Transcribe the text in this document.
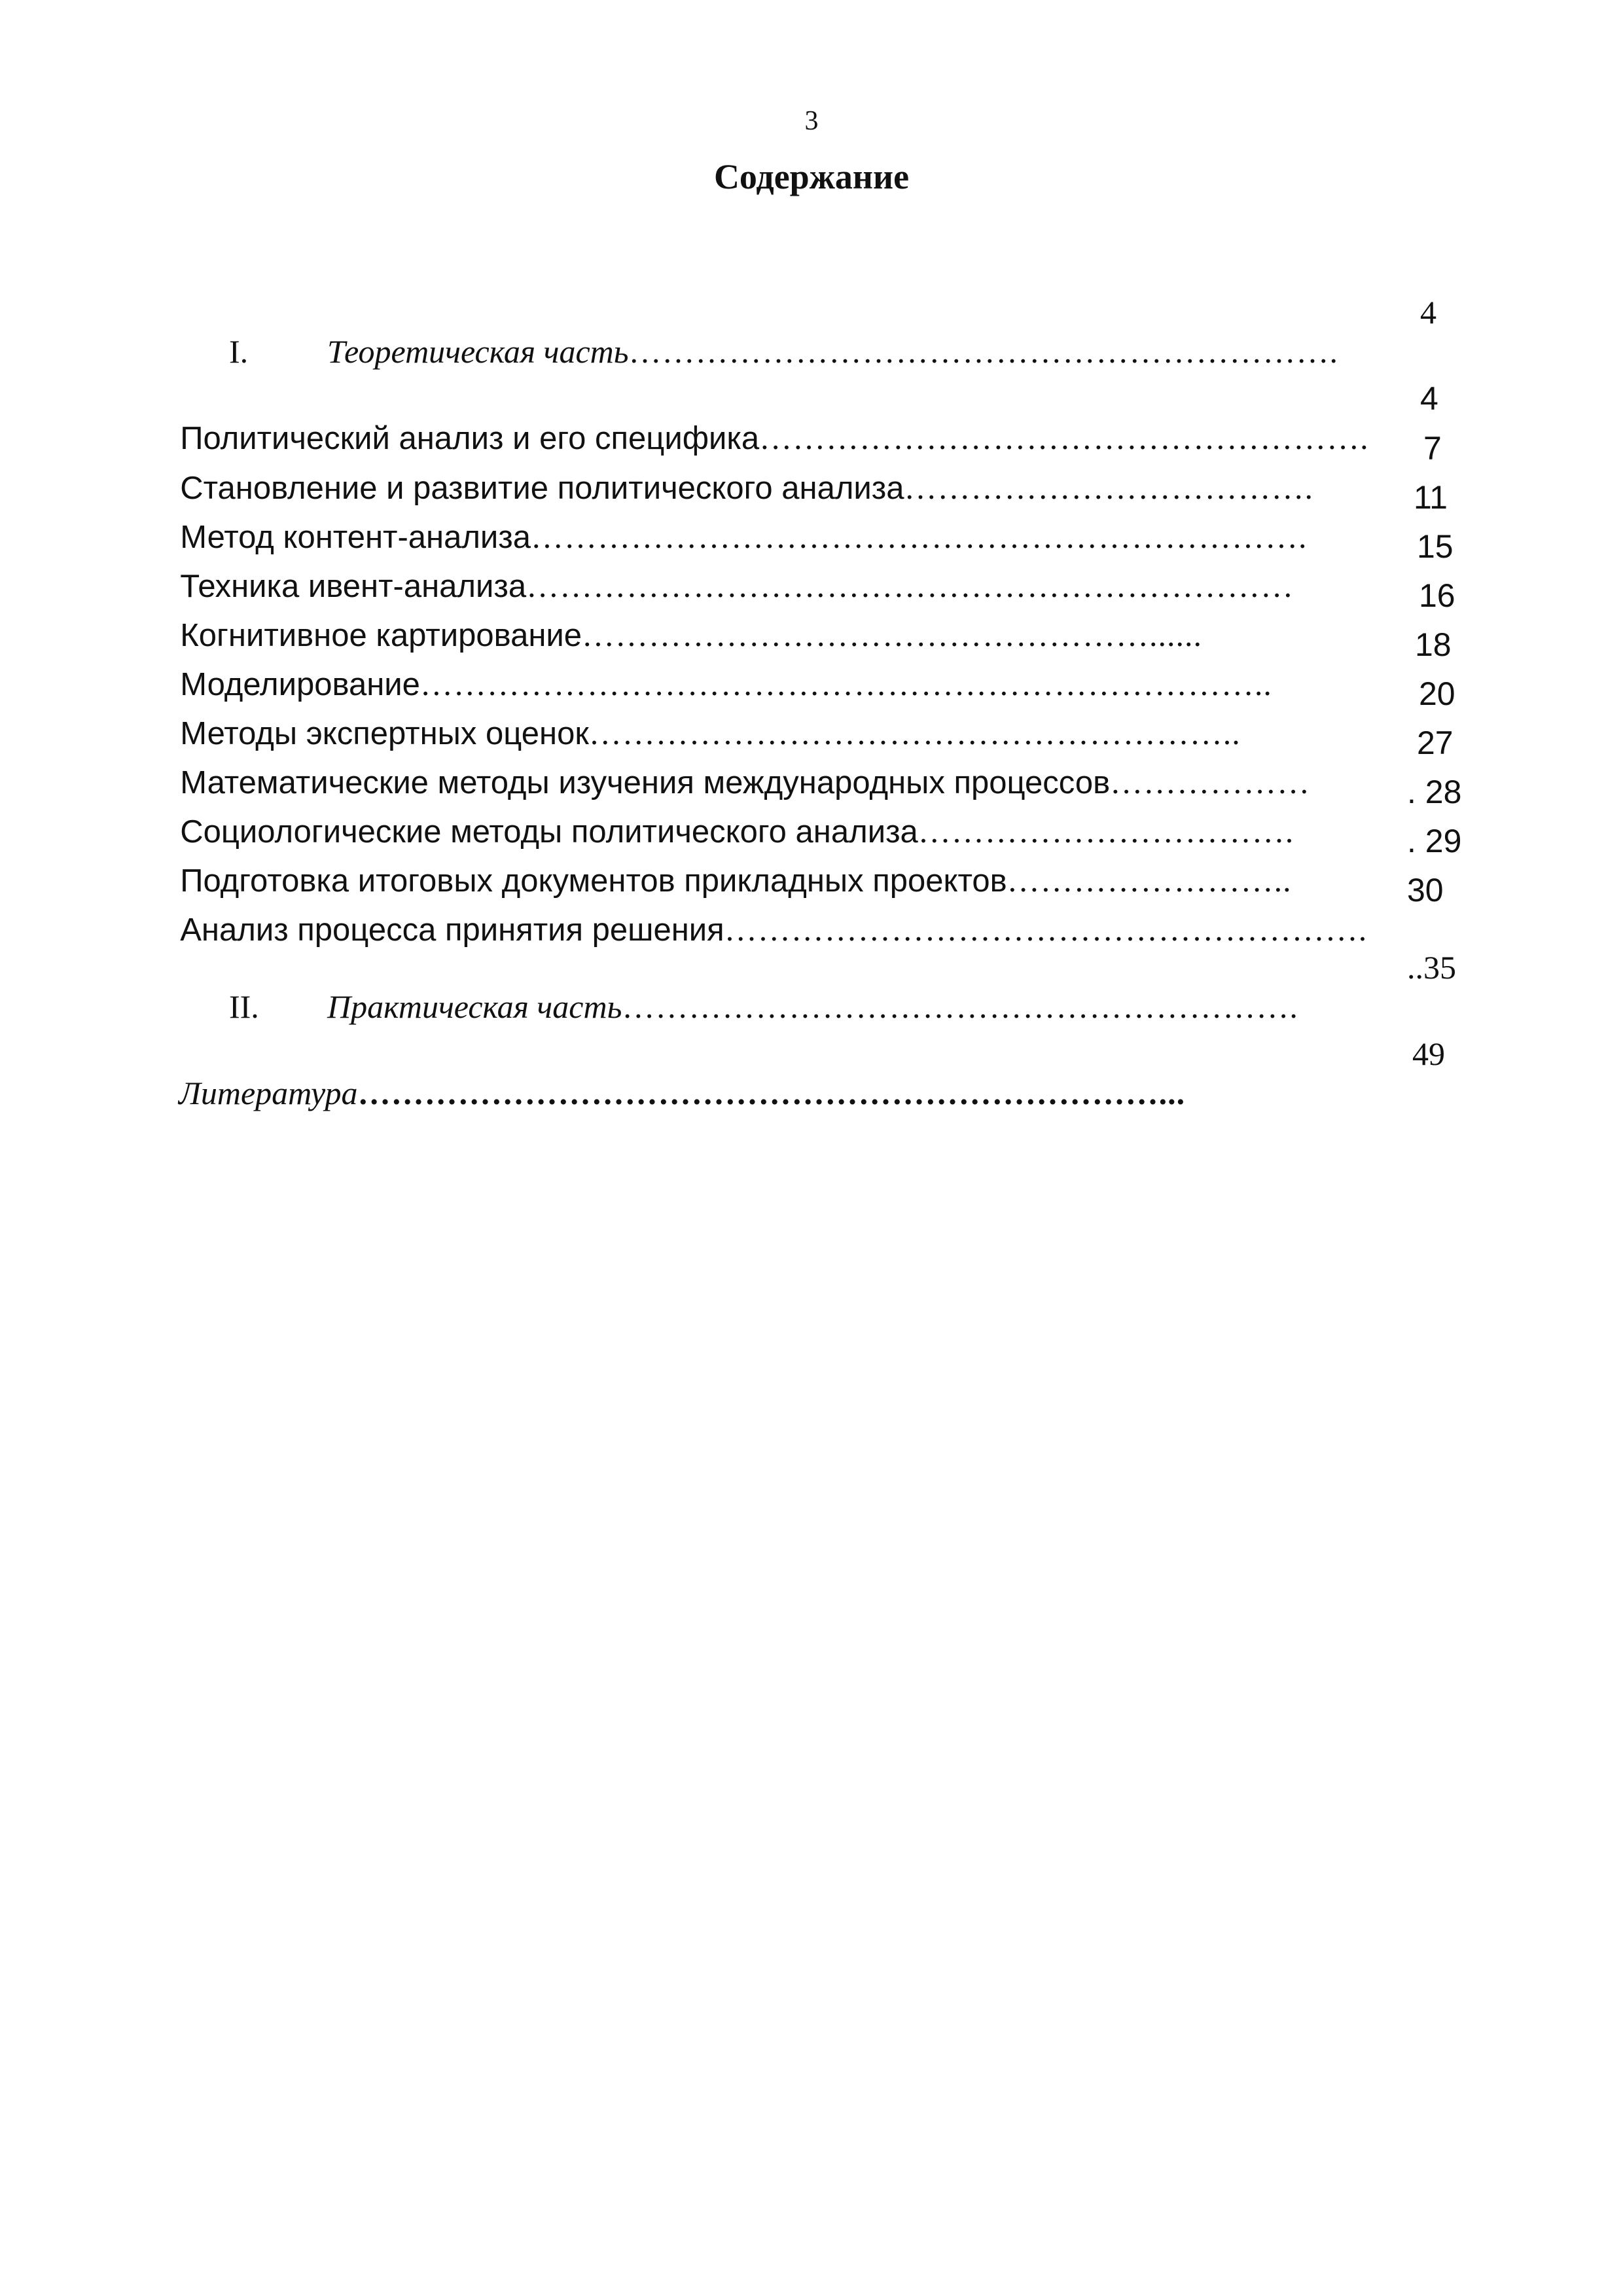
3
Содержание

I. Теоретическая часть……………………………………………………….

4

Политический анализ и его специфика……………………………………………….

4

Становление и развитие политического анализа……………………………….

7

Метод контент-анализа…………………………………………………………….

11

Техника ивент-анализа……………………………………………………………

15

Когнитивное картирование……………………………………………......

16

Моделирование…………………………………………………………………..

18

Методы экспертных оценок…………………………………………………..

20

Математические методы изучения международных процессов………………

27

Социологические методы политического анализа…………………………….

. 28

Подготовка итоговых документов прикладных проектов……………………..

. 29

Анализ процесса принятия решения………………………………………………….

30

II. Практическая часть…………………………………………………….

..35

Литература………………………………………………………………...

49
